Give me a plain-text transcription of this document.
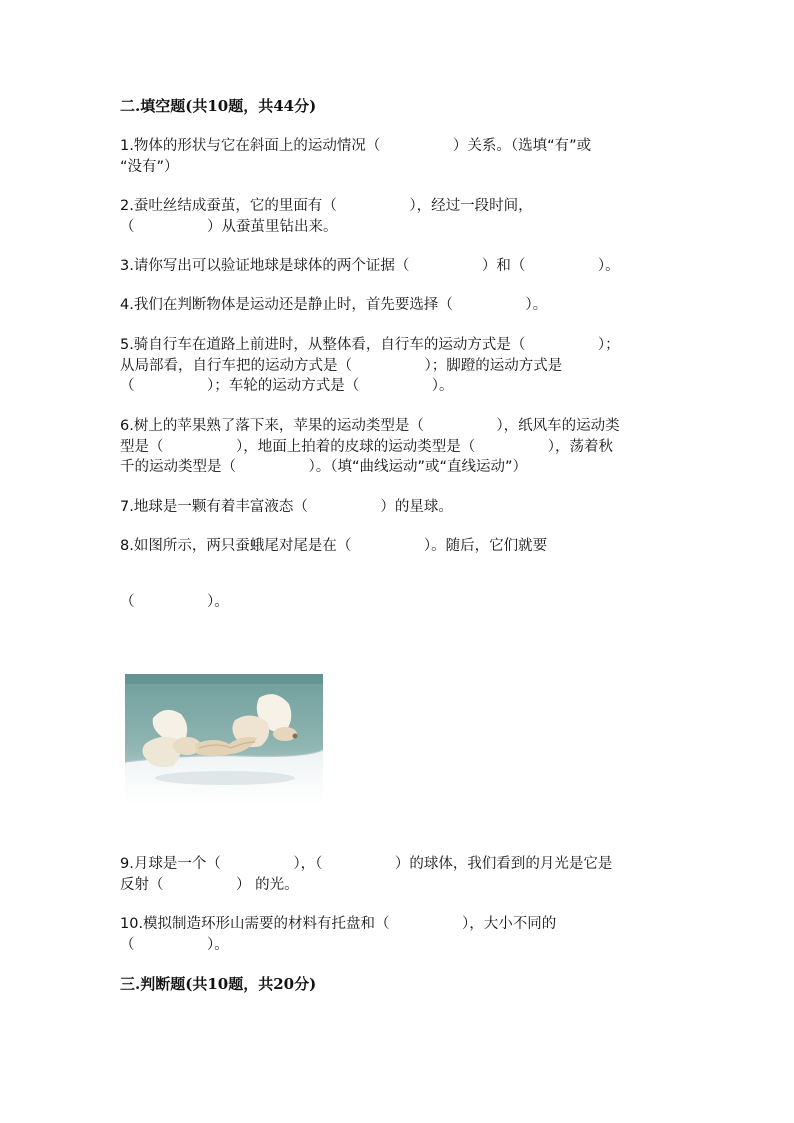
二.填空题(共10题，共44分)
1.物体的形状与它在斜面上的运动情况（　　　　　）关系。（选填“有”或
“没有”）
2.蚕吐丝结成蚕茧，它的里面有（　　　　　），经过一段时间，
（　　　　　）从蚕茧里钻出来。
3.请你写出可以验证地球是球体的两个证据（　　　　　）和（　　　　　）。
4.我们在判断物体是运动还是静止时，首先要选择（　　　　　）。
5.骑自行车在道路上前进时，从整体看，自行车的运动方式是（　　　　　）；
从局部看，自行车把的运动方式是（　　　　　）；脚蹬的运动方式是
（　　　　　）；车轮的运动方式是（　　　　　）。
6.树上的苹果熟了落下来，苹果的运动类型是（　　　　　），纸风车的运动类
型是（　　　　　），地面上拍着的皮球的运动类型是（　　　　　），荡着秋
千的运动类型是（　　　　　）。（填“曲线运动”或“直线运动”）
7.地球是一颗有着丰富液态（　　　　　）的星球。
8.如图所示，两只蚕蛾尾对尾是在（　　　　　）。随后，它们就要
（　　　　　）。
9.月球是一个（　　　　　），（　　　　　）的球体，我们看到的月光是它是
反射（　　　　　） 的光。
10.模拟制造环形山需要的材料有托盘和（　　　　　），大小不同的
（　　　　　）。
三.判断题(共10题，共20分)
